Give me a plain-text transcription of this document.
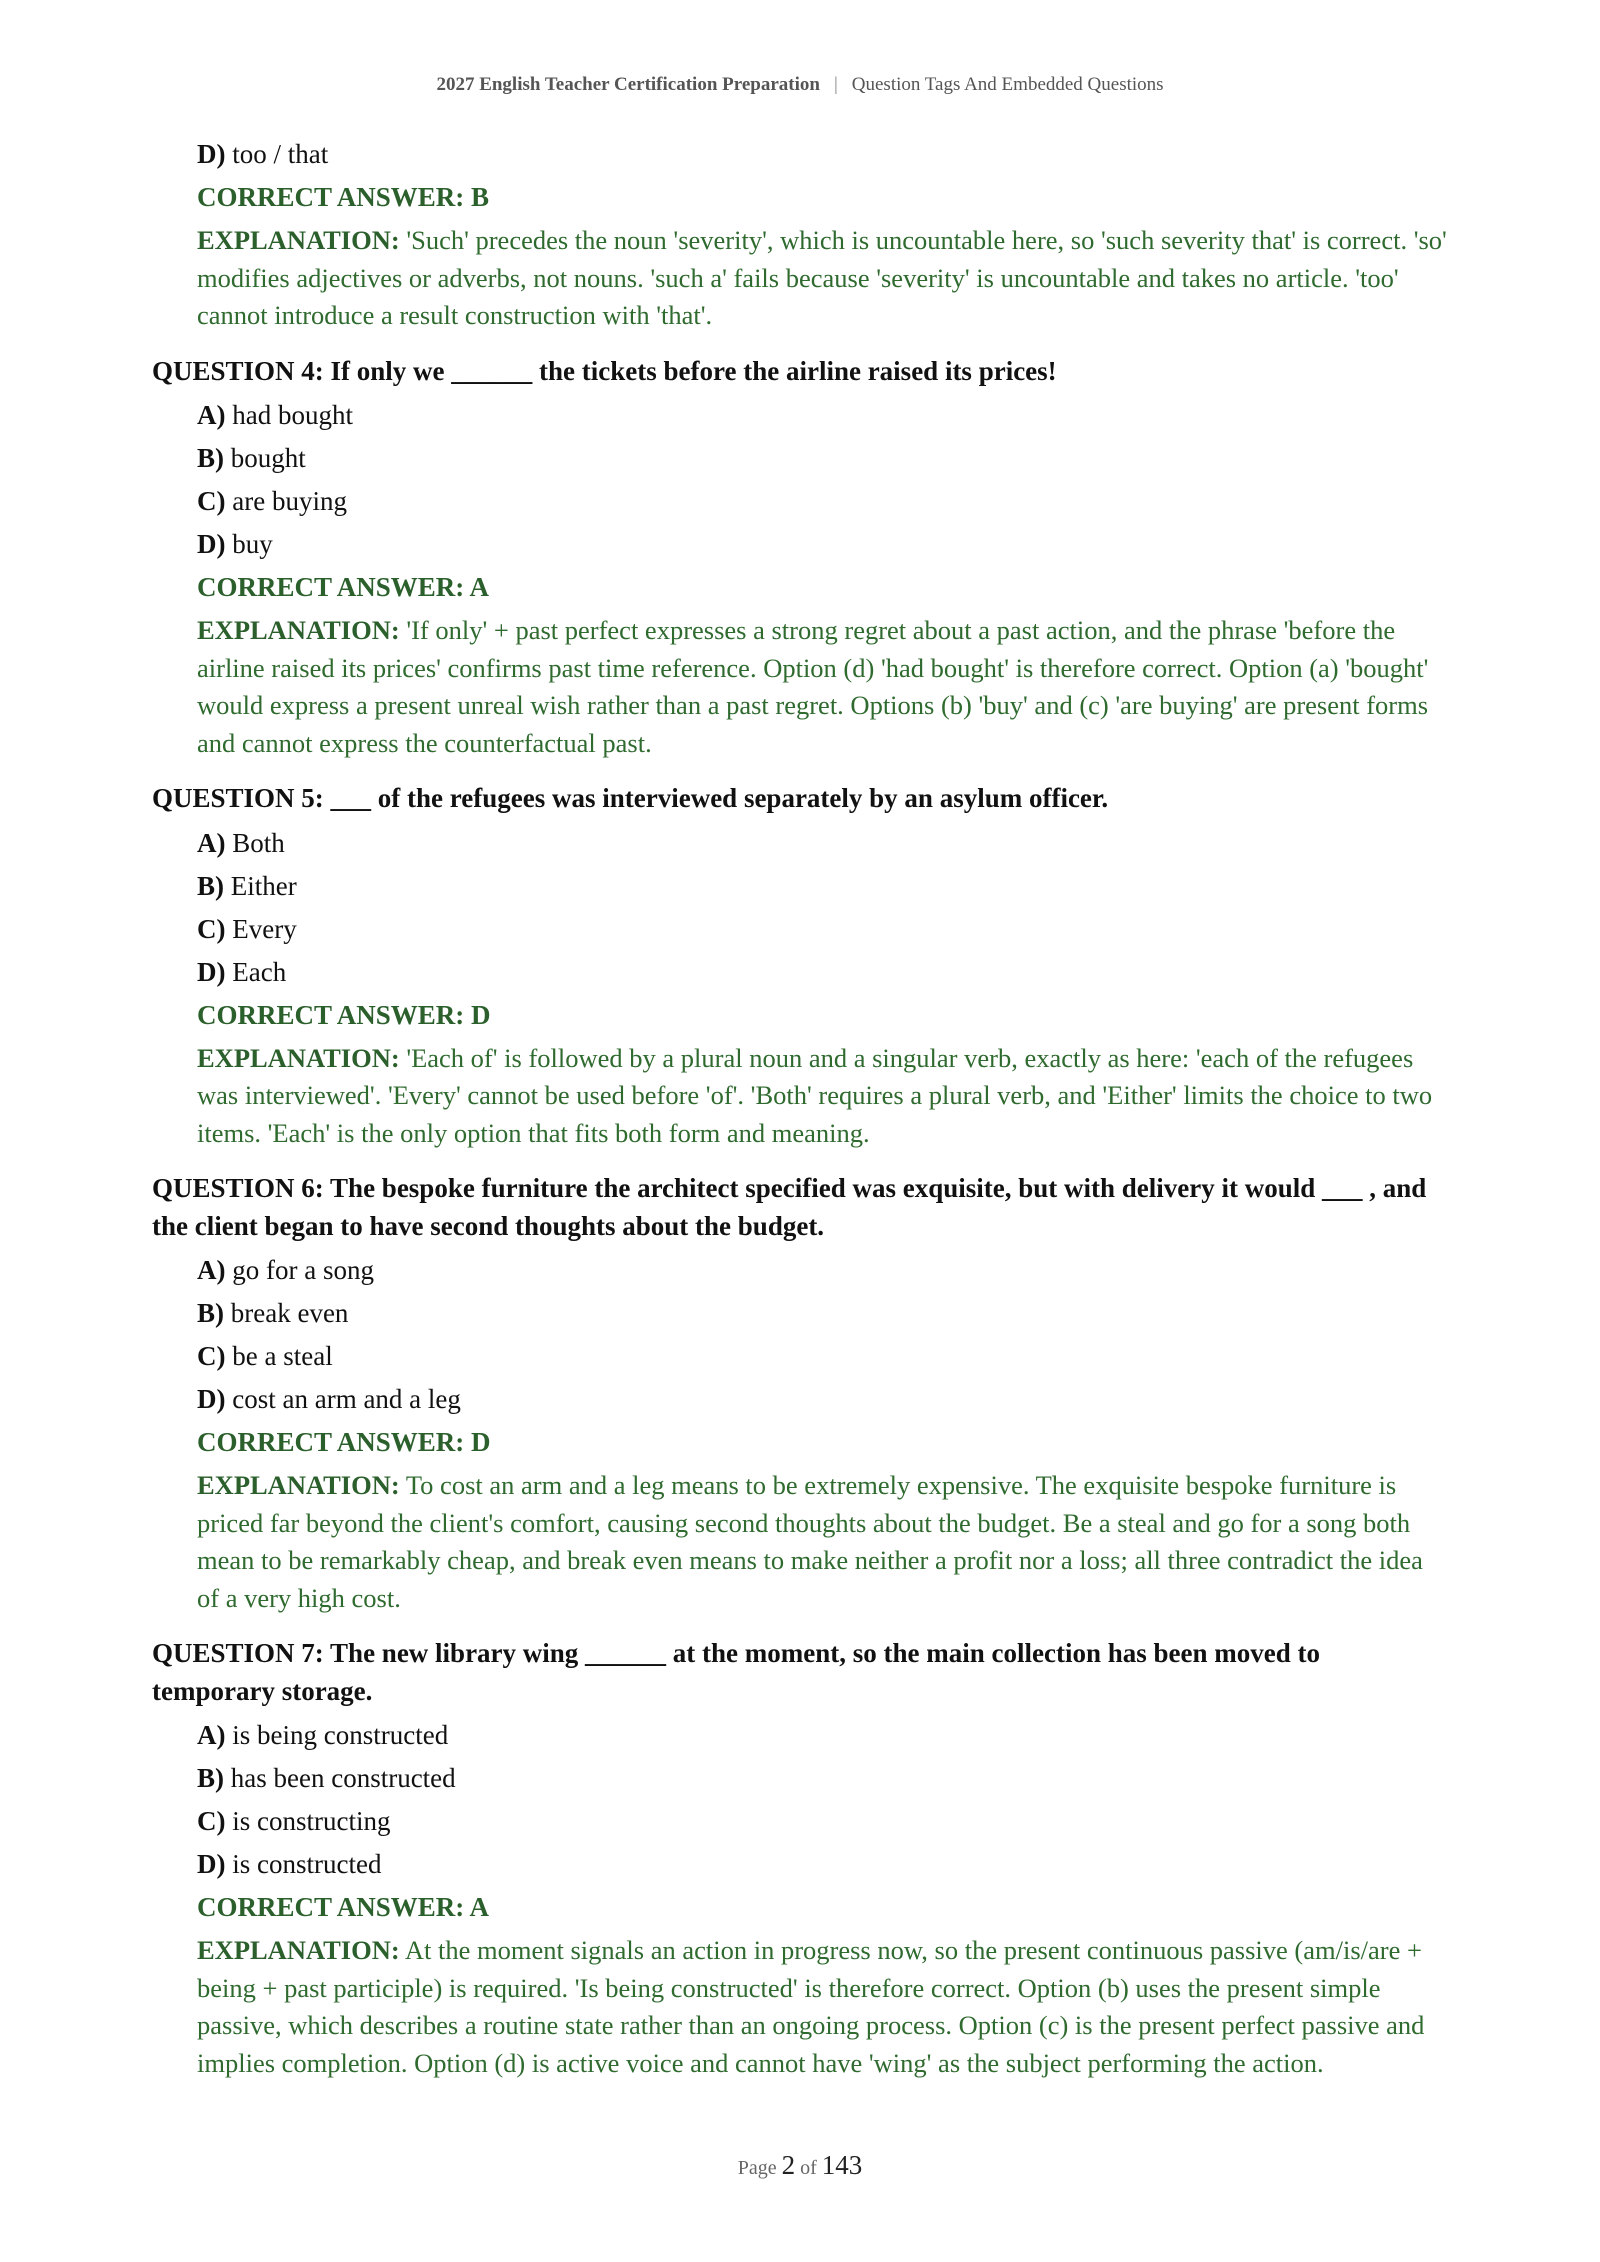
2027 English Teacher Certification Preparation | Question Tags And Embedded Questions
D) too / that
CORRECT ANSWER: B
EXPLANATION: 'Such' precedes the noun 'severity', which is uncountable here, so 'such severity that' is correct. 'so' modifies adjectives or adverbs, not nouns. 'such a' fails because 'severity' is uncountable and takes no article. 'too' cannot introduce a result construction with 'that'.
QUESTION 4: If only we ______ the tickets before the airline raised its prices!
A) had bought
B) bought
C) are buying
D) buy
CORRECT ANSWER: A
EXPLANATION: 'If only' + past perfect expresses a strong regret about a past action, and the phrase 'before the airline raised its prices' confirms past time reference. Option (d) 'had bought' is therefore correct. Option (a) 'bought' would express a present unreal wish rather than a past regret. Options (b) 'buy' and (c) 'are buying' are present forms and cannot express the counterfactual past.
QUESTION 5: ___ of the refugees was interviewed separately by an asylum officer.
A) Both
B) Either
C) Every
D) Each
CORRECT ANSWER: D
EXPLANATION: 'Each of' is followed by a plural noun and a singular verb, exactly as here: 'each of the refugees was interviewed'. 'Every' cannot be used before 'of'. 'Both' requires a plural verb, and 'Either' limits the choice to two items. 'Each' is the only option that fits both form and meaning.
QUESTION 6: The bespoke furniture the architect specified was exquisite, but with delivery it would ___ , and the client began to have second thoughts about the budget.
A) go for a song
B) break even
C) be a steal
D) cost an arm and a leg
CORRECT ANSWER: D
EXPLANATION: To cost an arm and a leg means to be extremely expensive. The exquisite bespoke furniture is priced far beyond the client's comfort, causing second thoughts about the budget. Be a steal and go for a song both mean to be remarkably cheap, and break even means to make neither a profit nor a loss; all three contradict the idea of a very high cost.
QUESTION 7: The new library wing ______ at the moment, so the main collection has been moved to temporary storage.
A) is being constructed
B) has been constructed
C) is constructing
D) is constructed
CORRECT ANSWER: A
EXPLANATION: At the moment signals an action in progress now, so the present continuous passive (am/is/are + being + past participle) is required. 'Is being constructed' is therefore correct. Option (b) uses the present simple passive, which describes a routine state rather than an ongoing process. Option (c) is the present perfect passive and implies completion. Option (d) is active voice and cannot have 'wing' as the subject performing the action.
Page 2 of 143
